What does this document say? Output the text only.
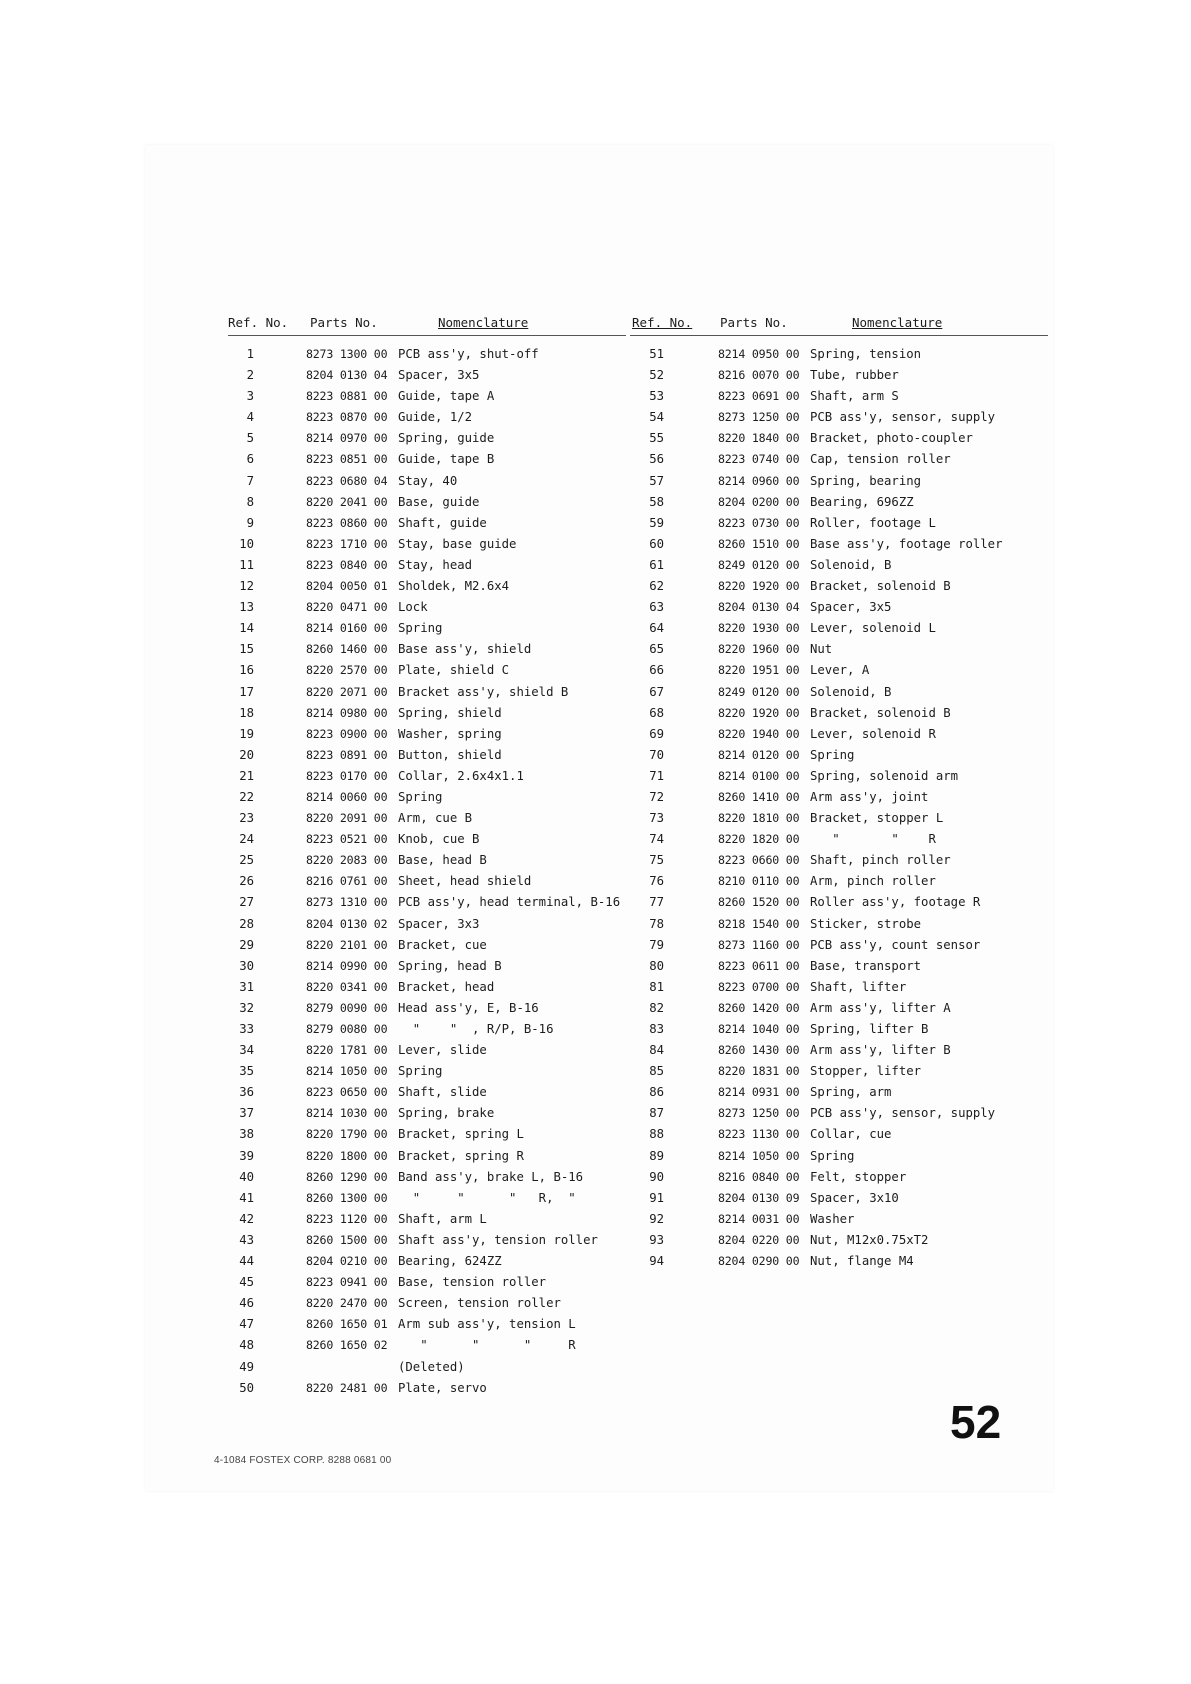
Ref. No. Parts No.	Nomenclature
1	8273 1300 00 PCB ass'y, shut-off
2	8204 0130 04 Spacer, 3x5
3	8223 0881 00 Guide, tape A
4	8223 0870 00 Guide, 1/2
5	8214 0970 00 Spring, guide
6	8223 0851 00 Guide, tape B
7	8223 0680 04 Stay, 40
8	8220 2041 00 Base, guide
9	8223 0860 00 Shaft, guide
10	8223 1710 00 Stay, base guide
11	8223 0840 00 Stay, head
12	8204 0050 01 Sholdek, M2.6x4
13	8220 0471 00 Lock
14	8214 0160 00 Spring
15	8260 1460 00 Base ass'y, shield
16	8220 2570 00 Plate, shield C
17	8220 2071 00 Bracket ass'y, shield B
18	8214 0980 00 Spring, shield
19	8223 0900 00 Washer, spring
20	8223 0891 00 Button, shield
21	8223 0170 00 Collar, 2.6x4x1.1
22	8214 0060 00 Spring
23	8220 2091 00 Arm, cue B
24	8223 0521 00 Knob, cue B
25	8220 2083 00 Base, head B
26	8216 0761 00 Sheet, head shield
27	8273 1310 00 PCB ass'y, head terminal, B-16
28	8204 0130 02 Spacer, 3x3
29	8220 2101 00 Bracket, cue
30	8214 0990 00 Spring, head B
31	8220 0341 00 Bracket, head
32	8279 0090 00 Head ass'y, E, B-16
33	8279 0080 00 "    "  , R/P, B-16
34	8220 1781 00 Lever, slide
35	8214 1050 00 Spring
36	8223 0650 00 Shaft, slide
37	8214 1030 00 Spring, brake
38	8220 1790 00 Bracket, spring L
39	8220 1800 00 Bracket, spring R
40	8260 1290 00 Band ass'y, brake L, B-16
41	8260 1300 00 "     "      "   R,  "
42	8223 1120 00 Shaft, arm L
43	8260 1500 00 Shaft ass'y, tension roller
44	8204 0210 00 Bearing, 624ZZ
45	8223 0941 00 Base, tension roller
46	8220 2470 00 Screen, tension roller
47	8260 1650 01 Arm sub ass'y, tension L
48	8260 1650 02 "      "      "     R
49	(Deleted)
50	8220 2481 00 Plate, servo
Ref. No. Parts No.	Nomenclature
51	8214 0950 00 Spring, tension
52	8216 0070 00 Tube, rubber
53	8223 0691 00 Shaft, arm S
54	8273 1250 00 PCB ass'y, sensor, supply
55	8220 1840 00 Bracket, photo-coupler
56	8223 0740 00 Cap, tension roller
57	8214 0960 00 Spring, bearing
58	8204 0200 00 Bearing, 696ZZ
59	8223 0730 00 Roller, footage L
60	8260 1510 00 Base ass'y, footage roller
61	8249 0120 00 Solenoid, B
62	8220 1920 00 Bracket, solenoid B
63	8204 0130 04 Spacer, 3x5
64	8220 1930 00 Lever, solenoid L
65	8220 1960 00 Nut
66	8220 1951 00 Lever, A
67	8249 0120 00 Solenoid, B
68	8220 1920 00 Bracket, solenoid B
69	8220 1940 00 Lever, solenoid R
70	8214 0120 00 Spring
71	8214 0100 00 Spring, solenoid arm
72	8260 1410 00 Arm ass'y, joint
73	8220 1810 00 Bracket, stopper L
74	8220 1820 00 "       "    R
75	8223 0660 00 Shaft, pinch roller
76	8210 0110 00 Arm, pinch roller
77	8260 1520 00 Roller ass'y, footage R
78	8218 1540 00 Sticker, strobe
79	8273 1160 00 PCB ass'y, count sensor
80	8223 0611 00 Base, transport
81	8223 0700 00 Shaft, lifter
82	8260 1420 00 Arm ass'y, lifter A
83	8214 1040 00 Spring, lifter B
84	8260 1430 00 Arm ass'y, lifter B
85	8220 1831 00 Stopper, lifter
86	8214 0931 00 Spring, arm
87	8273 1250 00 PCB ass'y, sensor, supply
88	8223 1130 00 Collar, cue
89	8214 1050 00 Spring
90	8216 0840 00 Felt, stopper
91	8204 0130 09 Spacer, 3x10
92	8214 0031 00 Washer
93	8204 0220 00 Nut, M12x0.75xT2
94	8204 0290 00 Nut, flange M4
52
4-1084 FOSTEX CORP. 8288 0681 00
